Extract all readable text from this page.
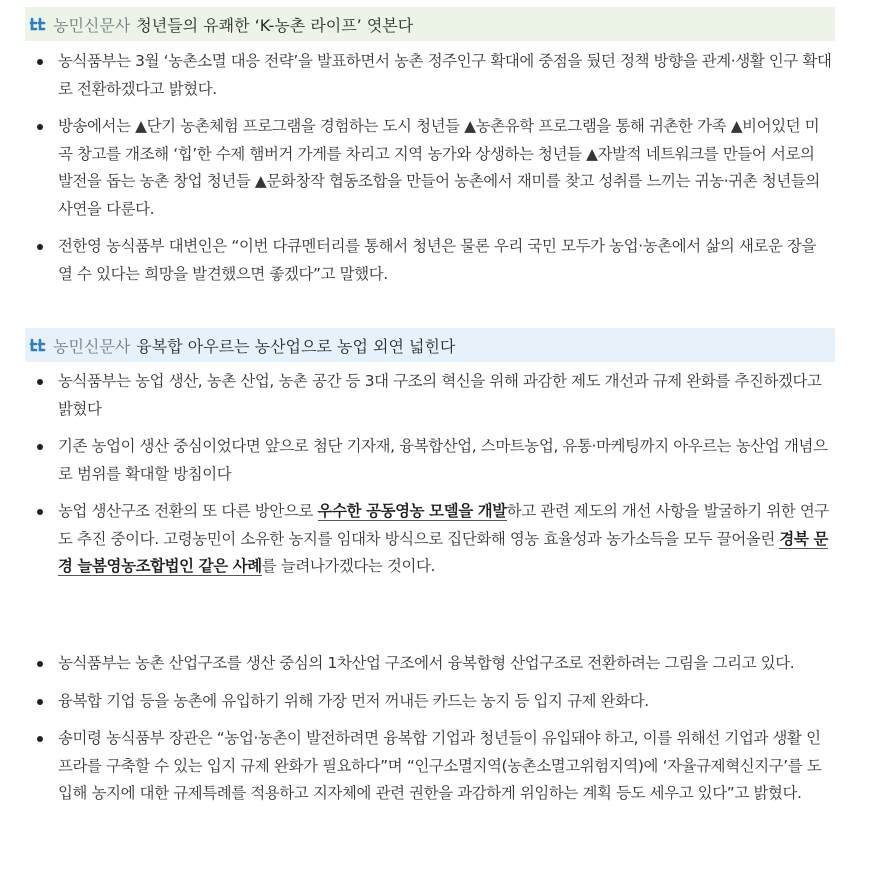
농민신문사 청년들의 유쾌한 ‘K-농촌 라이프’ 엿본다
농식품부는 3월 ‘농촌소멸 대응 전략’을 발표하면서 농촌 정주인구 확대에 중점을 뒀던 정책 방향을 관계·생활 인구 확대로 전환하겠다고 밝혔다.
방송에서는 ▲단기 농촌체험 프로그램을 경험하는 도시 청년들 ▲농촌유학 프로그램을 통해 귀촌한 가족 ▲비어있던 미곡 창고를 개조해 ‘힙’한 수제 햄버거 가게를 차리고 지역 농가와 상생하는 청년들 ▲자발적 네트워크를 만들어 서로의 발전을 돕는 농촌 창업 청년들 ▲문화창작 협동조합을 만들어 농촌에서 재미를 찾고 성취를 느끼는 귀농·귀촌 청년들의 사연을 다룬다.
전한영 농식품부 대변인은 “이번 다큐멘터리를 통해서 청년은 물론 우리 국민 모두가 농업·농촌에서 삶의 새로운 장을 열 수 있다는 희망을 발견했으면 좋겠다”고 말했다.
농민신문사 융복합 아우르는 농산업으로 농업 외연 넓힌다
농식품부는 농업 생산, 농촌 산업, 농촌 공간 등 3대 구조의 혁신을 위해 과감한 제도 개선과 규제 완화를 추진하겠다고 밝혔다
기존 농업이 생산 중심이었다면 앞으로 첨단 기자재, 융복합산업, 스마트농업, 유통·마케팅까지 아우르는 농산업 개념으로 범위를 확대할 방침이다
농업 생산구조 전환의 또 다른 방안으로 우수한 공동영농 모델을 개발하고 관련 제도의 개선 사항을 발굴하기 위한 연구도 추진 중이다. 고령농민이 소유한 농지를 임대차 방식으로 집단화해 영농 효율성과 농가소득을 모두 끌어올린 경북 문경 늘봄영농조합법인 같은 사례를 늘려나가겠다는 것이다.
농식품부는 농촌 산업구조를 생산 중심의 1차산업 구조에서 융복합형 산업구조로 전환하려는 그림을 그리고 있다.
융복합 기업 등을 농촌에 유입하기 위해 가장 먼저 꺼내든 카드는 농지 등 입지 규제 완화다.
송미령 농식품부 장관은 “농업·농촌이 발전하려면 융복합 기업과 청년들이 유입돼야 하고, 이를 위해선 기업과 생활 인프라를 구축할 수 있는 입지 규제 완화가 필요하다”며 “인구소멸지역(농촌소멸고위험지역)에 ‘자율규제혁신지구’를 도입해 농지에 대한 규제특례를 적용하고 지자체에 관련 권한을 과감하게 위임하는 계획 등도 세우고 있다”고 밝혔다.
